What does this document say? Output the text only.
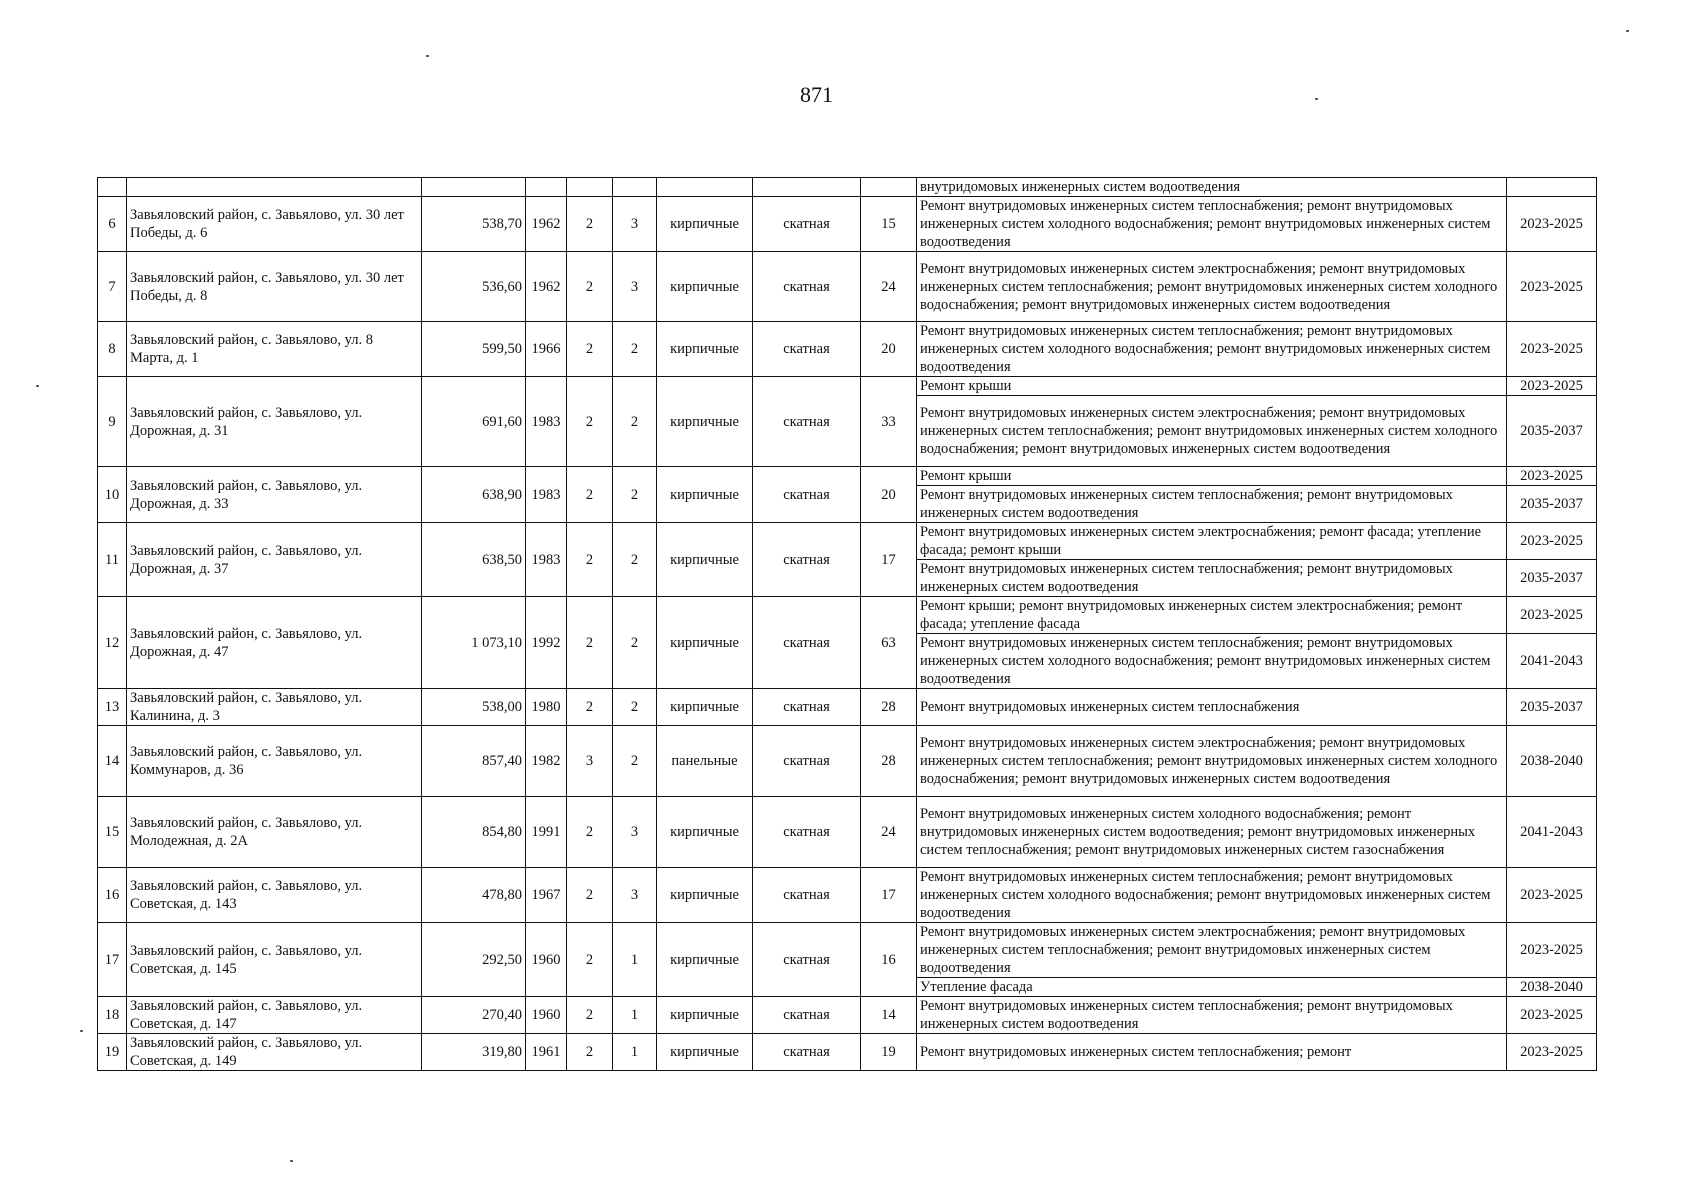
871
									внутридомовых инженерных систем водоотведения	
6	Завьяловский район, с. Завьялово, ул. 30 лет Победы, д. 6	538,70	1962	2	3	кирпичные	скатная	15	Ремонт внутридомовых инженерных систем теплоснабжения; ремонт внутридомовых инженерных систем холодного водоснабжения; ремонт внутридомовых инженерных систем водоотведения	2023-2025
7	Завьяловский район, с. Завьялово, ул. 30 лет Победы, д. 8	536,60	1962	2	3	кирпичные	скатная	24	Ремонт внутридомовых инженерных систем электроснабжения; ремонт внутридомовых инженерных систем теплоснабжения; ремонт внутридомовых инженерных систем холодного водоснабжения; ремонт внутридомовых инженерных систем водоотведения	2023-2025
8	Завьяловский район, с. Завьялово, ул. 8 Марта, д. 1	599,50	1966	2	2	кирпичные	скатная	20	Ремонт внутридомовых инженерных систем теплоснабжения; ремонт внутридомовых инженерных систем холодного водоснабжения; ремонт внутридомовых инженерных систем водоотведения	2023-2025
9	Завьяловский район, с. Завьялово, ул. Дорожная, д. 31	691,60	1983	2	2	кирпичные	скатная	33	Ремонт крыши	2023-2025
									Ремонт внутридомовых инженерных систем электроснабжения; ремонт внутридомовых инженерных систем теплоснабжения; ремонт внутридомовых инженерных систем холодного водоснабжения; ремонт внутридомовых инженерных систем водоотведения	2035-2037
10	Завьяловский район, с. Завьялово, ул. Дорожная, д. 33	638,90	1983	2	2	кирпичные	скатная	20	Ремонт крыши	2023-2025
									Ремонт внутридомовых инженерных систем теплоснабжения; ремонт внутридомовых инженерных систем водоотведения	2035-2037
11	Завьяловский район, с. Завьялово, ул. Дорожная, д. 37	638,50	1983	2	2	кирпичные	скатная	17	Ремонт внутридомовых инженерных систем электроснабжения; ремонт фасада; утепление фасада; ремонт крыши	2023-2025
									Ремонт внутридомовых инженерных систем теплоснабжения; ремонт внутридомовых инженерных систем водоотведения	2035-2037
12	Завьяловский район, с. Завьялово, ул. Дорожная, д. 47	1 073,10	1992	2	2	кирпичные	скатная	63	Ремонт крыши; ремонт внутридомовых инженерных систем электроснабжения; ремонт фасада; утепление фасада	2023-2025
									Ремонт внутридомовых инженерных систем теплоснабжения; ремонт внутридомовых инженерных систем холодного водоснабжения; ремонт внутридомовых инженерных систем водоотведения	2041-2043
13	Завьяловский район, с. Завьялово, ул. Калинина, д. 3	538,00	1980	2	2	кирпичные	скатная	28	Ремонт внутридомовых инженерных систем теплоснабжения	2035-2037
14	Завьяловский район, с. Завьялово, ул. Коммунаров, д. 36	857,40	1982	3	2	панельные	скатная	28	Ремонт внутридомовых инженерных систем электроснабжения; ремонт внутридомовых инженерных систем теплоснабжения; ремонт внутридомовых инженерных систем холодного водоснабжения; ремонт внутридомовых инженерных систем водоотведения	2038-2040
15	Завьяловский район, с. Завьялово, ул. Молодежная, д. 2А	854,80	1991	2	3	кирпичные	скатная	24	Ремонт внутридомовых инженерных систем холодного водоснабжения; ремонт внутридомовых инженерных систем водоотведения; ремонт внутридомовых инженерных систем теплоснабжения; ремонт внутридомовых инженерных систем газоснабжения	2041-2043
16	Завьяловский район, с. Завьялово, ул. Советская, д. 143	478,80	1967	2	3	кирпичные	скатная	17	Ремонт внутридомовых инженерных систем теплоснабжения; ремонт внутридомовых инженерных систем холодного водоснабжения; ремонт внутридомовых инженерных систем водоотведения	2023-2025
17	Завьяловский район, с. Завьялово, ул. Советская, д. 145	292,50	1960	2	1	кирпичные	скатная	16	Ремонт внутридомовых инженерных систем электроснабжения; ремонт внутридомовых инженерных систем теплоснабжения; ремонт внутридомовых инженерных систем водоотведения	2023-2025
									Утепление фасада	2038-2040
18	Завьяловский район, с. Завьялово, ул. Советская, д. 147	270,40	1960	2	1	кирпичные	скатная	14	Ремонт внутридомовых инженерных систем теплоснабжения; ремонт внутридомовых инженерных систем водоотведения	2023-2025
19	Завьяловский район, с. Завьялово, ул. Советская, д. 149	319,80	1961	2	1	кирпичные	скатная	19	Ремонт внутридомовых инженерных систем теплоснабжения; ремонт	2023-2025
